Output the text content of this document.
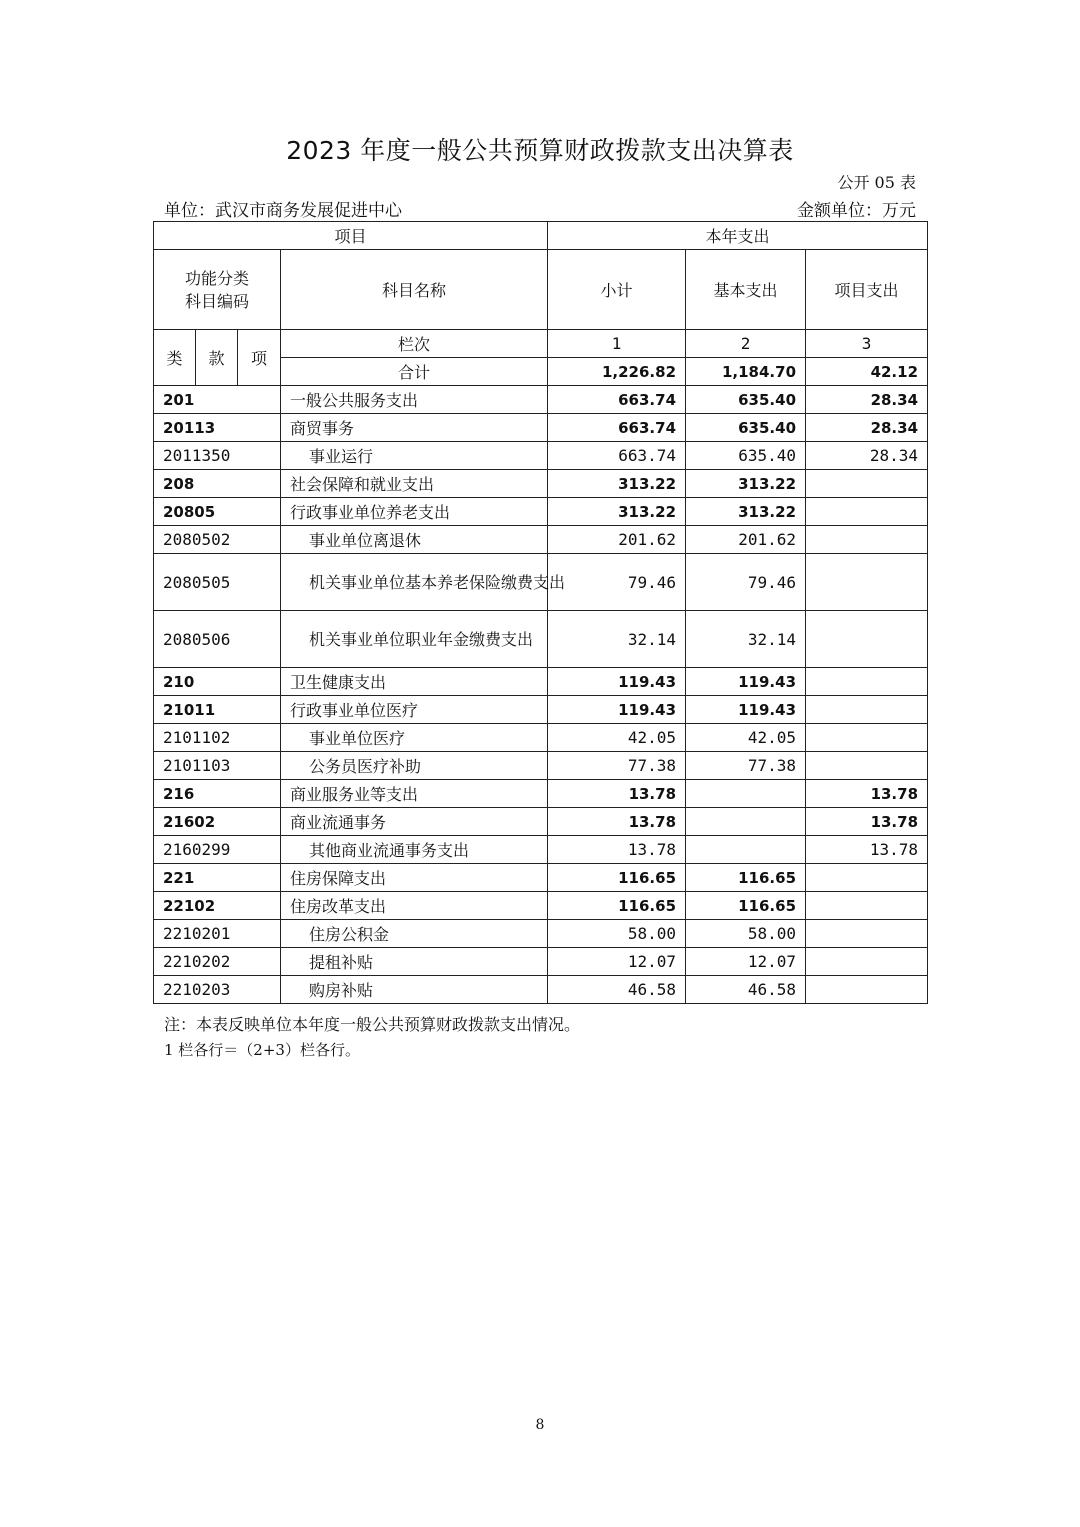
2023 年度一般公共预算财政拨款支出决算表
公开 05 表
单位：武汉市商务发展促进中心	金额单位：万元
项目				本年支出		
功能分类
科目编码			科目名称	小计	基本支出	项目支出
类	款	项	栏次	1	2	3
			合计	1,226.82	1,184.70	42.12
201			一般公共服务支出	663.74	635.40	28.34
20113			商贸事务	663.74	635.40	28.34
2011350			事业运行	663.74	635.40	28.34
208			社会保障和就业支出	313.22	313.22	
20805			行政事业单位养老支出	313.22	313.22	
2080502			事业单位离退休	201.62	201.62	
2080505			机关事业单位基本养老保险缴费支出	79.46	79.46	
2080506			机关事业单位职业年金缴费支出	32.14	32.14	
210			卫生健康支出	119.43	119.43	
21011			行政事业单位医疗	119.43	119.43	
2101102			事业单位医疗	42.05	42.05	
2101103			公务员医疗补助	77.38	77.38	
216			商业服务业等支出	13.78		13.78
21602			商业流通事务	13.78		13.78
2160299			其他商业流通事务支出	13.78		13.78
221			住房保障支出	116.65	116.65	
22102			住房改革支出	116.65	116.65	
2210201			住房公积金	58.00	58.00	
2210202			提租补贴	12.07	12.07	
2210203			购房补贴	46.58	46.58	
注：本表反映单位本年度一般公共预算财政拨款支出情况。
1 栏各行＝（2+3）栏各行。
8
